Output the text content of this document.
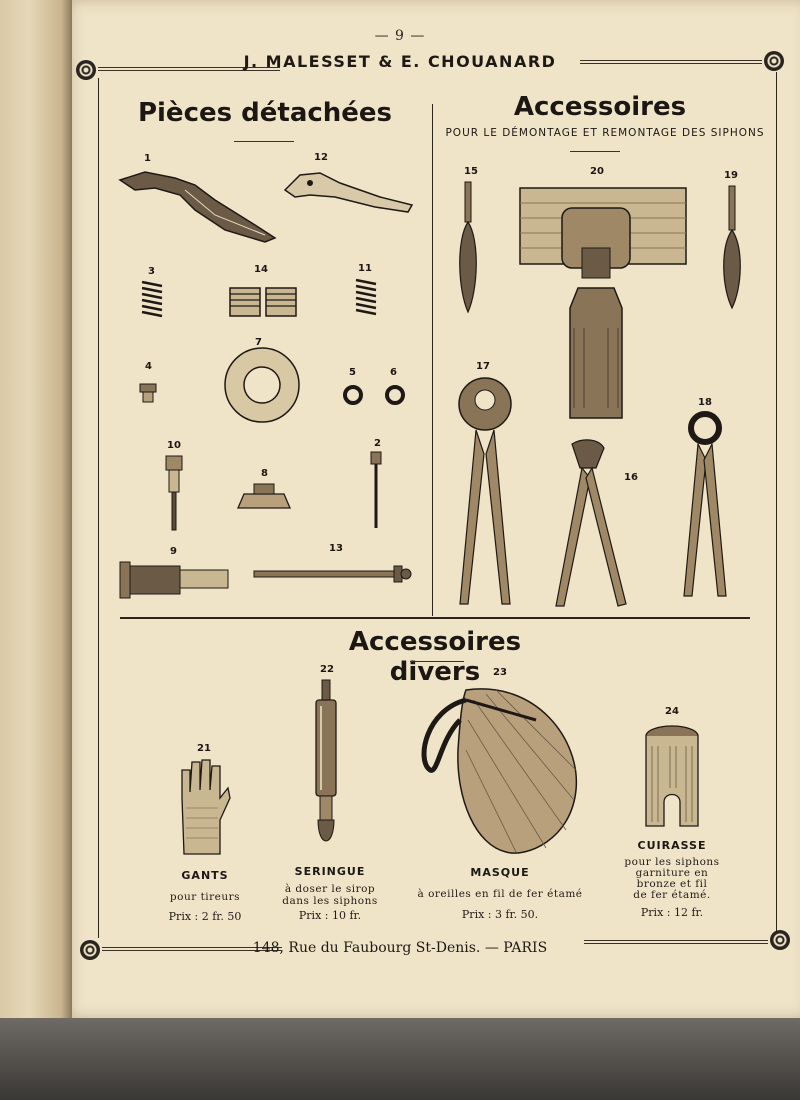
— 9 —
J. MALESSET & E. CHOUANARD
Pièces détachées	Accessoires
POUR LE DÉMONTAGE ET REMONTAGE DES SIPHONS
Accessoires divers
1	12
3	14	11
4
7
5	6
10
8
2
9	13
15	20	19
17
16
18
21
22	23
24
GANTS
pour tireurs
Prix : 2 fr. 50
SERINGUE
à doser le sirop
dans les siphons
Prix : 10 fr.
MASQUE
à oreilles en fil de fer étamé
Prix : 3 fr. 50.
CUIRASSE
pour les siphons
garniture en
bronze et fil
de fer étamé.
Prix : 12 fr.
148, Rue du Faubourg St-Denis. — PARIS
